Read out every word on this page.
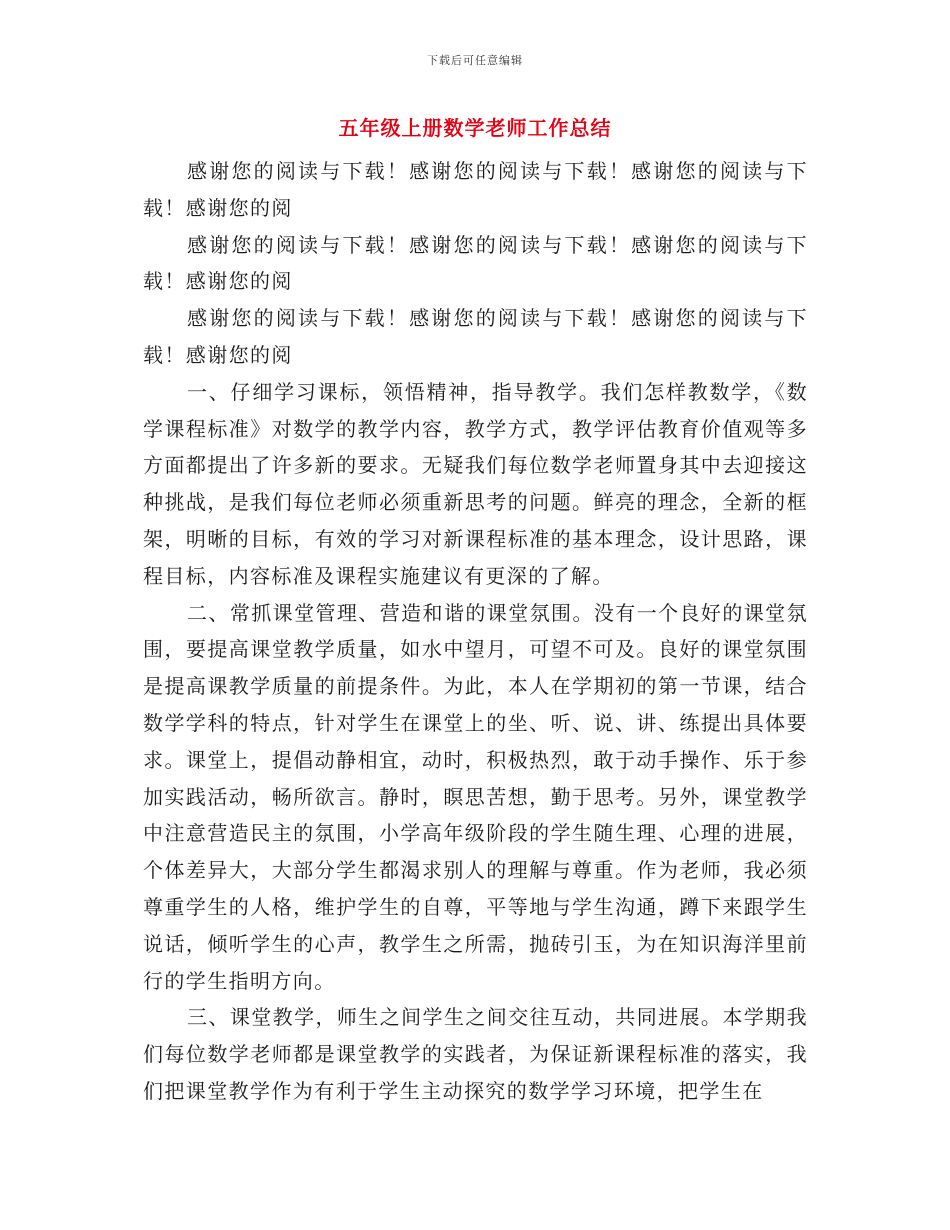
下载后可任意编辑
五年级上册数学老师工作总结

感谢您的阅读与下载！感谢您的阅读与下载！感谢您的阅读与下载！感谢您的阅

感谢您的阅读与下载！感谢您的阅读与下载！感谢您的阅读与下载！感谢您的阅

感谢您的阅读与下载！感谢您的阅读与下载！感谢您的阅读与下载！感谢您的阅

一、仔细学习课标，领悟精神，指导教学。我们怎样教数学，《数学课程标准》对数学的教学内容，教学方式，教学评估教育价值观等多方面都提出了许多新的要求。无疑我们每位数学老师置身其中去迎接这种挑战，是我们每位老师必须重新思考的问题。鲜亮的理念，全新的框架，明晰的目标，有效的学习对新课程标准的基本理念，设计思路，课程目标，内容标准及课程实施建议有更深的了解。

二、常抓课堂管理、营造和谐的课堂氛围。没有一个良好的课堂氛围，要提高课堂教学质量，如水中望月，可望不可及。良好的课堂氛围是提高课教学质量的前提条件。为此，本人在学期初的第一节课，结合数学学科的特点，针对学生在课堂上的坐、听、说、讲、练提出具体要求。课堂上，提倡动静相宜，动时，积极热烈，敢于动手操作、乐于参加实践活动，畅所欲言。静时，瞑思苦想，勤于思考。另外，课堂教学中注意营造民主的氛围，小学高年级阶段的学生随生理、心理的进展，个体差异大，大部分学生都渴求别人的理解与尊重。作为老师，我必须尊重学生的人格，维护学生的自尊，平等地与学生沟通，蹲下来跟学生说话，倾听学生的心声，教学生之所需，抛砖引玉，为在知识海洋里前行的学生指明方向。

三、课堂教学，师生之间学生之间交往互动，共同进展。本学期我们每位数学老师都是课堂教学的实践者，为保证新课程标准的落实，我们把课堂教学作为有利于学生主动探究的数学学习环境，把学生在
